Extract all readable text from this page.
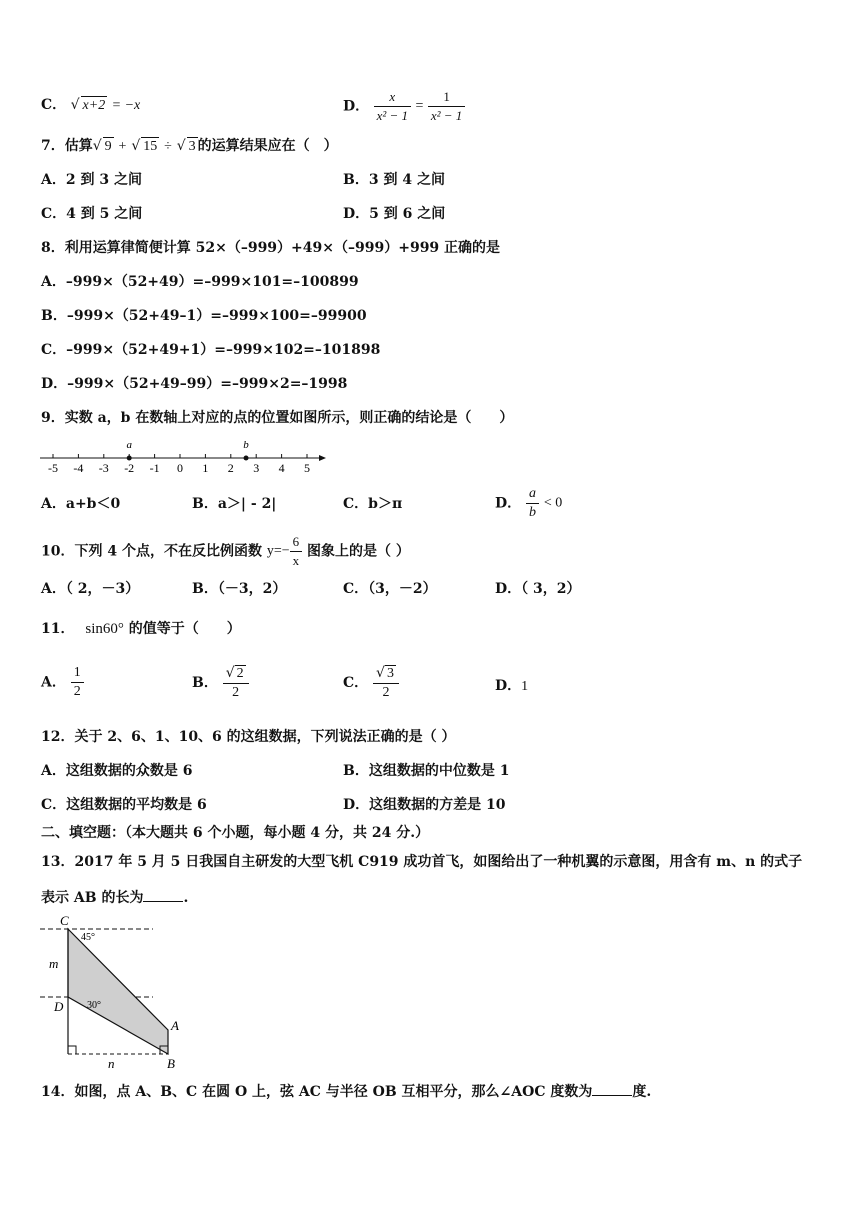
C． √ x+2 = −x	D． $\frac{x}{\text{x² − 1}} = \frac{1}{\text{x² − 1}}$
7．估算√ 9 + √ 15 ÷ √ 3 的运算结果应在（　）
A．2 到 3 之间	B．3 到 4 之间
C．4 到 5 之间	D．5 到 6 之间
8．利用运算律简便计算 52×（–999）+49×（–999）+999 正确的是
A．–999×（52+49）=–999×101=–100899
B．–999×（52+49–1）=–999×100=–99900
C．–999×（52+49+1）=–999×102=–101898
D．–999×（52+49–99）=–999×2=–1998
9．实数 a，b 在数轴上对应的点的位置如图所示，则正确的结论是（　　）
-5 -4 -3 -2 -1 0 1 2 3 4 5
a	b
A．a+b＜0	B．a＞| - 2|	C．b＞π	D． $\frac{a}{b} < 0$
10．下列 4 个点，不在反比例函数 $y=- \frac{6}{x}$ 图象上的是（ ）
A．（ 2，－3）	B．（－3，2）	C．（3，－2）	D．（ 3，2）
11． sin60° 的值等于（　　）
A． $\frac{1}{2}$	B． $\frac{√ 2}{2}$	C． $\frac{√ 3}{2}$	D．1
12．关于 2、6、1、10、6 的这组数据，下列说法正确的是（ ）
A．这组数据的众数是 6	B．这组数据的中位数是 1
C．这组数据的平均数是 6	D．这组数据的方差是 10
二、填空题：（本大题共 6 个小题，每小题 4 分，共 24 分.）
13．2017 年 5 月 5 日我国自主研发的大型飞机 C919 成功首飞，如图给出了一种机翼的示意图，用含有 m、n 的式子
表示 AB 的长为	.
C
D
A
B
m
n
45°
30°
14．如图，点 A、B、C 在圆 O 上，弦 AC 与半径 OB 互相平分，那么∠AOC 度数为	度.
